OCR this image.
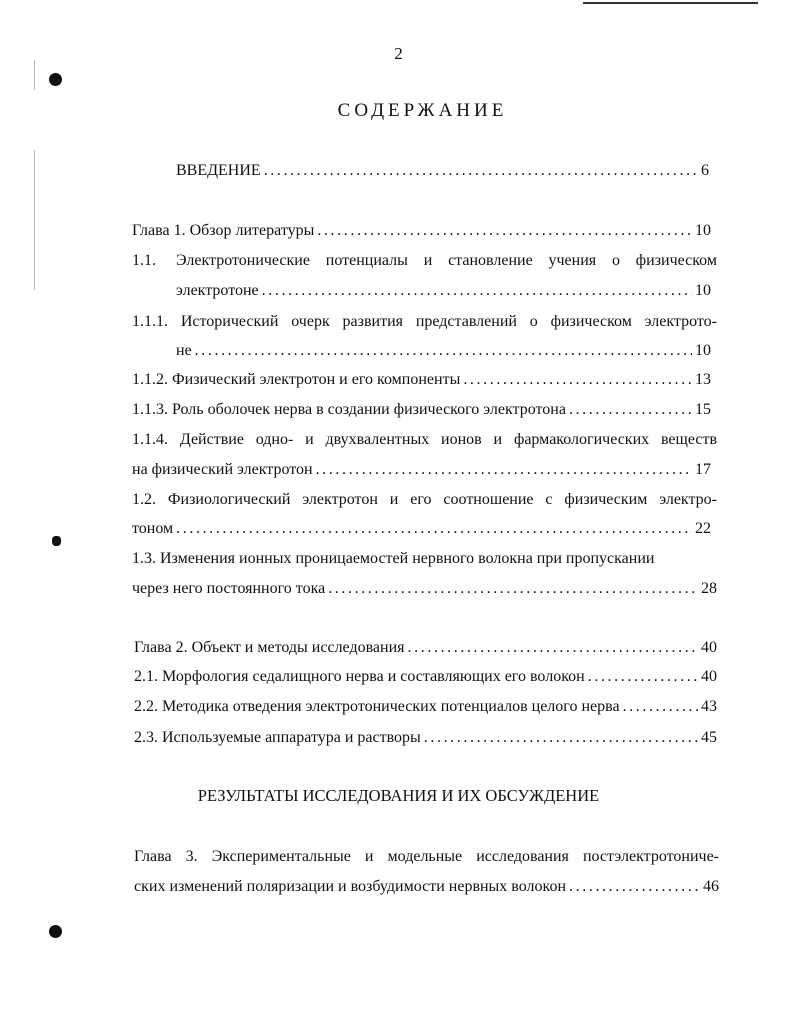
2
СОДЕРЖАНИЕ
ВВЕДЕНИЕ .....	6
Глава 1. Обзор литературы .....	10
1.1. Электротонические потенциалы и становление учения о физическом
электротоне .....	10
1.1.1. Исторический очерк развития представлений о физическом электрото-
не .....	10
1.1.2. Физический электротон и его компоненты .....	13
1.1.3. Роль оболочек нерва в создании физического электротона .....	15
1.1.4. Действие одно- и двухвалентных ионов и фармакологических веществ
на физический электротон .....	17
1.2. Физиологический электротон и его соотношение с физическим электро-
тоном .....	22
1.3. Изменения ионных проницаемостей нервного волокна при пропускании
через него постоянного тока .....	28
Глава 2. Объект и методы исследования .....	40
2.1. Морфология седалищного нерва и составляющих его волокон .....	40
2.2. Методика отведения электротонических потенциалов целого нерва .....	43
2.3. Используемые аппаратура и растворы .....	45
РЕЗУЛЬТАТЫ ИССЛЕДОВАНИЯ И ИХ ОБСУЖДЕНИЕ
Глава 3. Экспериментальные и модельные исследования постэлектротониче-
ских изменений поляризации и возбудимости нервных волокон .....	46
